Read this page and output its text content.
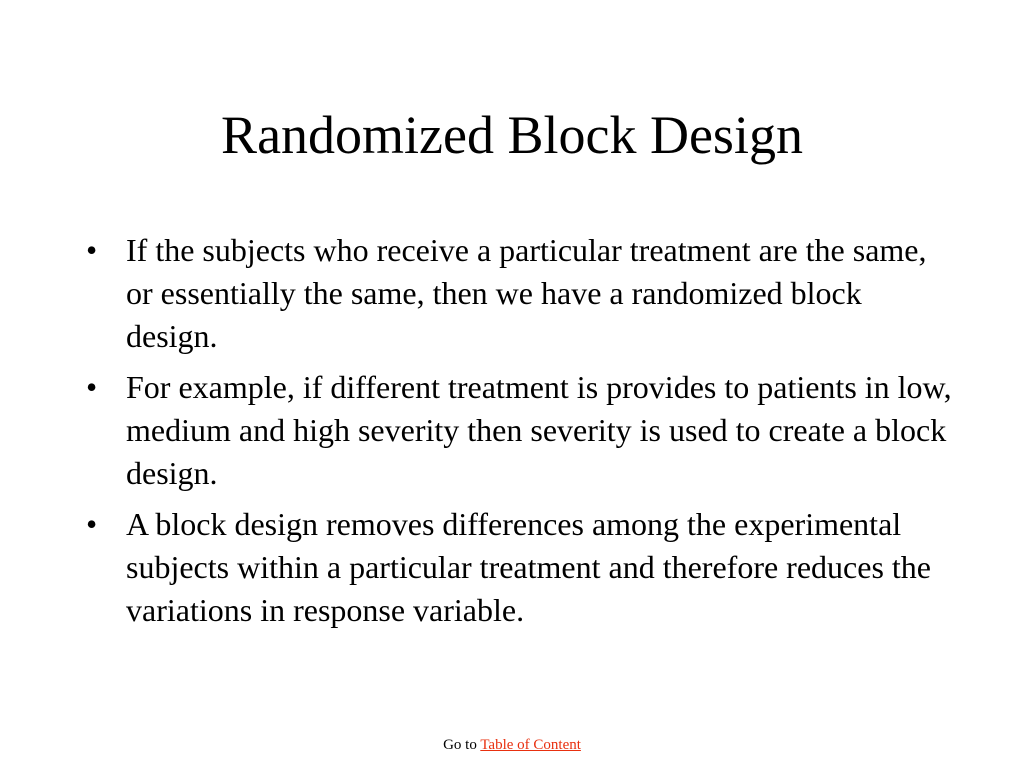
Randomized Block Design
• If the subjects who receive a particular treatment are the same, or essentially the same, then we have a randomized block design.
• For example, if different treatment is provides to patients in low, medium and high severity then severity is used to create a block design.
• A block design removes differences among the experimental subjects within a particular treatment and therefore reduces the variations in response variable.
Go to Table of Content
